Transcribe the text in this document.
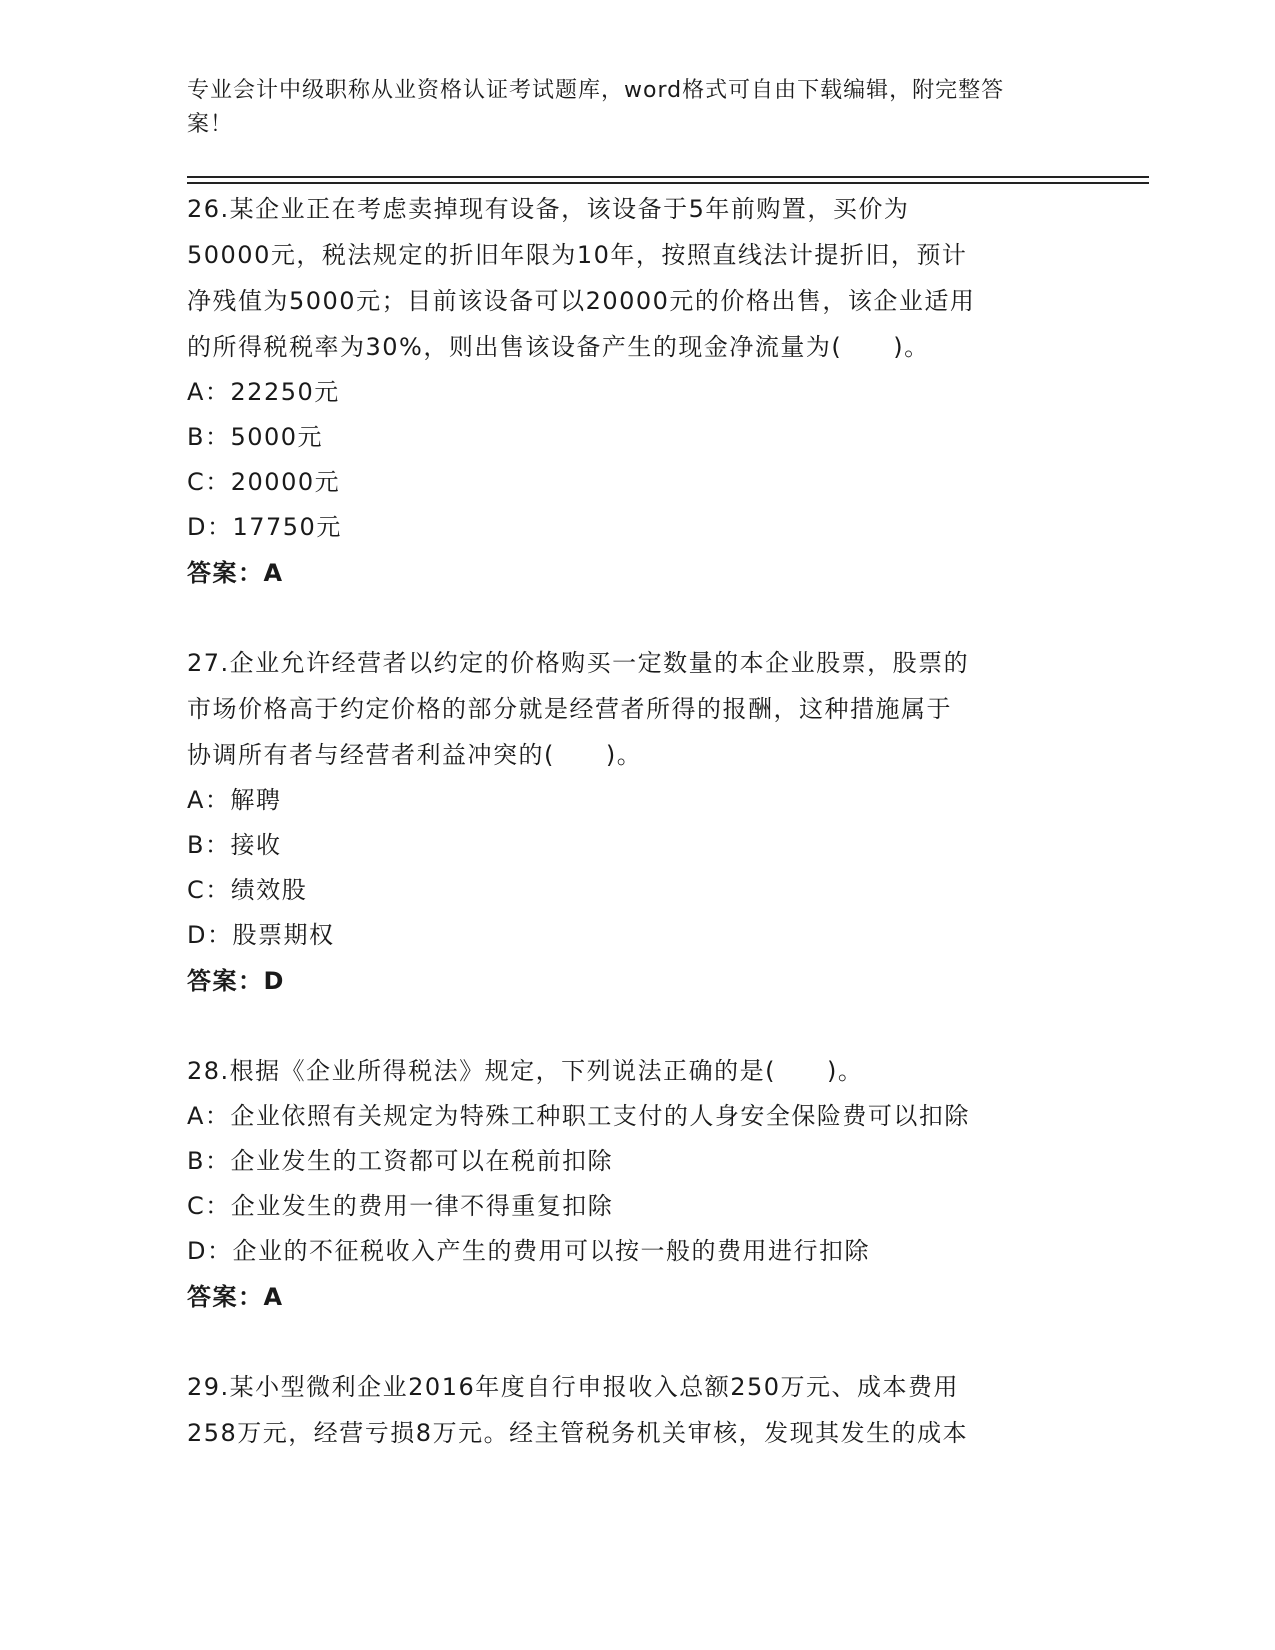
专业会计中级职称从业资格认证考试题库，word格式可自由下载编辑，附完整答
案！

26.某企业正在考虑卖掉现有设备，该设备于5年前购置，买价为

50000元，税法规定的折旧年限为10年，按照直线法计提折旧，预计

净残值为5000元；目前该设备可以20000元的价格出售，该企业适用

的所得税税率为30%，则出售该设备产生的现金净流量为(　　)。

A：22250元

B：5000元

C：20000元

D：17750元

答案：A

27.企业允许经营者以约定的价格购买一定数量的本企业股票，股票的

市场价格高于约定价格的部分就是经营者所得的报酬，这种措施属于

协调所有者与经营者利益冲突的(　　)。

A：解聘

B：接收

C：绩效股

D：股票期权

答案：D

28.根据《企业所得税法》规定，下列说法正确的是(　　)。

A：企业依照有关规定为特殊工种职工支付的人身安全保险费可以扣除

B：企业发生的工资都可以在税前扣除

C：企业发生的费用一律不得重复扣除

D：企业的不征税收入产生的费用可以按一般的费用进行扣除

答案：A

29.某小型微利企业2016年度自行申报收入总额250万元、成本费用

258万元，经营亏损8万元。经主管税务机关审核，发现其发生的成本
